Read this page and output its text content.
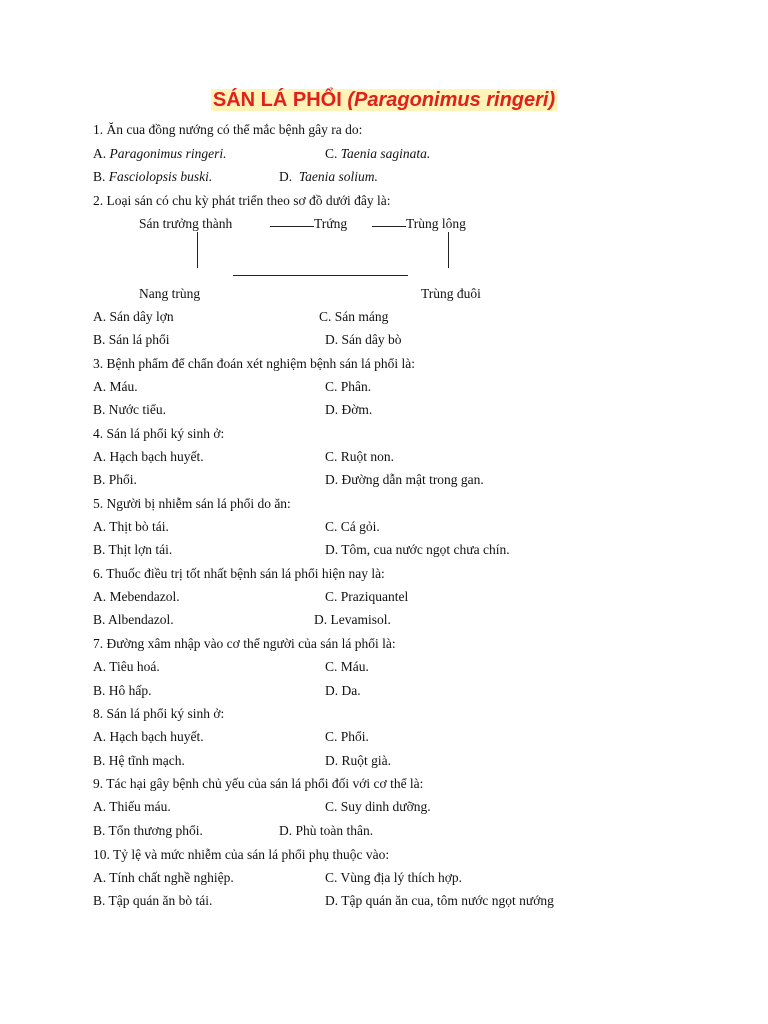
SÁN LÁ PHỔI (Paragonimus ringeri)
1. Ăn cua đồng nướng có thể mắc bệnh gây ra do:
A. Paragonimus ringeri.	C. Taenia saginata.
B. Fasciolopsis buski.	D. Taenia solium.
2. Loại sán có chu kỳ phát triển theo sơ đồ dưới đây là:
Sán trưởng thành	Trứng	Trùng lông
Nang trùng	Trùng đuôi
A. Sán dây lợn	C. Sán máng
B. Sán lá phổi	D. Sán dây bò
3. Bệnh phẩm để chẩn đoán xét nghiệm bệnh sán lá phổi là:
A. Máu.	C. Phân.
B. Nước tiểu.	D. Đờm.
4. Sán lá phổi ký sinh ở:
A. Hạch bạch huyết.	C. Ruột non.
B. Phổi.	D. Đường dẫn mật trong gan.
5. Người bị nhiễm sán lá phổi do ăn:
A. Thịt bò tái.	C. Cá gỏi.
B. Thịt lợn tái.	D. Tôm, cua nước ngọt chưa chín.
6. Thuốc điều trị tốt nhất bệnh sán lá phổi hiện nay là:
A. Mebendazol.	C. Praziquantel
B. Albendazol.	D. Levamisol.
7. Đường xâm nhập vào cơ thể người của sán lá phổi là:
A. Tiêu hoá.	C. Máu.
B. Hô hấp.	D. Da.
8. Sán lá phổi ký sinh ở:
A. Hạch bạch huyết.	C. Phổi.
B. Hệ tĩnh mạch.	D. Ruột già.
9. Tác hại gây bệnh chủ yếu của sán lá phổi đối với cơ thể là:
A. Thiếu máu.	C. Suy dinh dưỡng.
B. Tổn thương phổi.	D. Phù toàn thân.
10. Tỷ lệ và mức nhiễm của sán lá phổi phụ thuộc vào:
A. Tính chất nghề nghiệp.	C. Vùng địa lý thích hợp.
B. Tập quán ăn bò tái.	D. Tập quán ăn cua, tôm nước ngọt nướng
